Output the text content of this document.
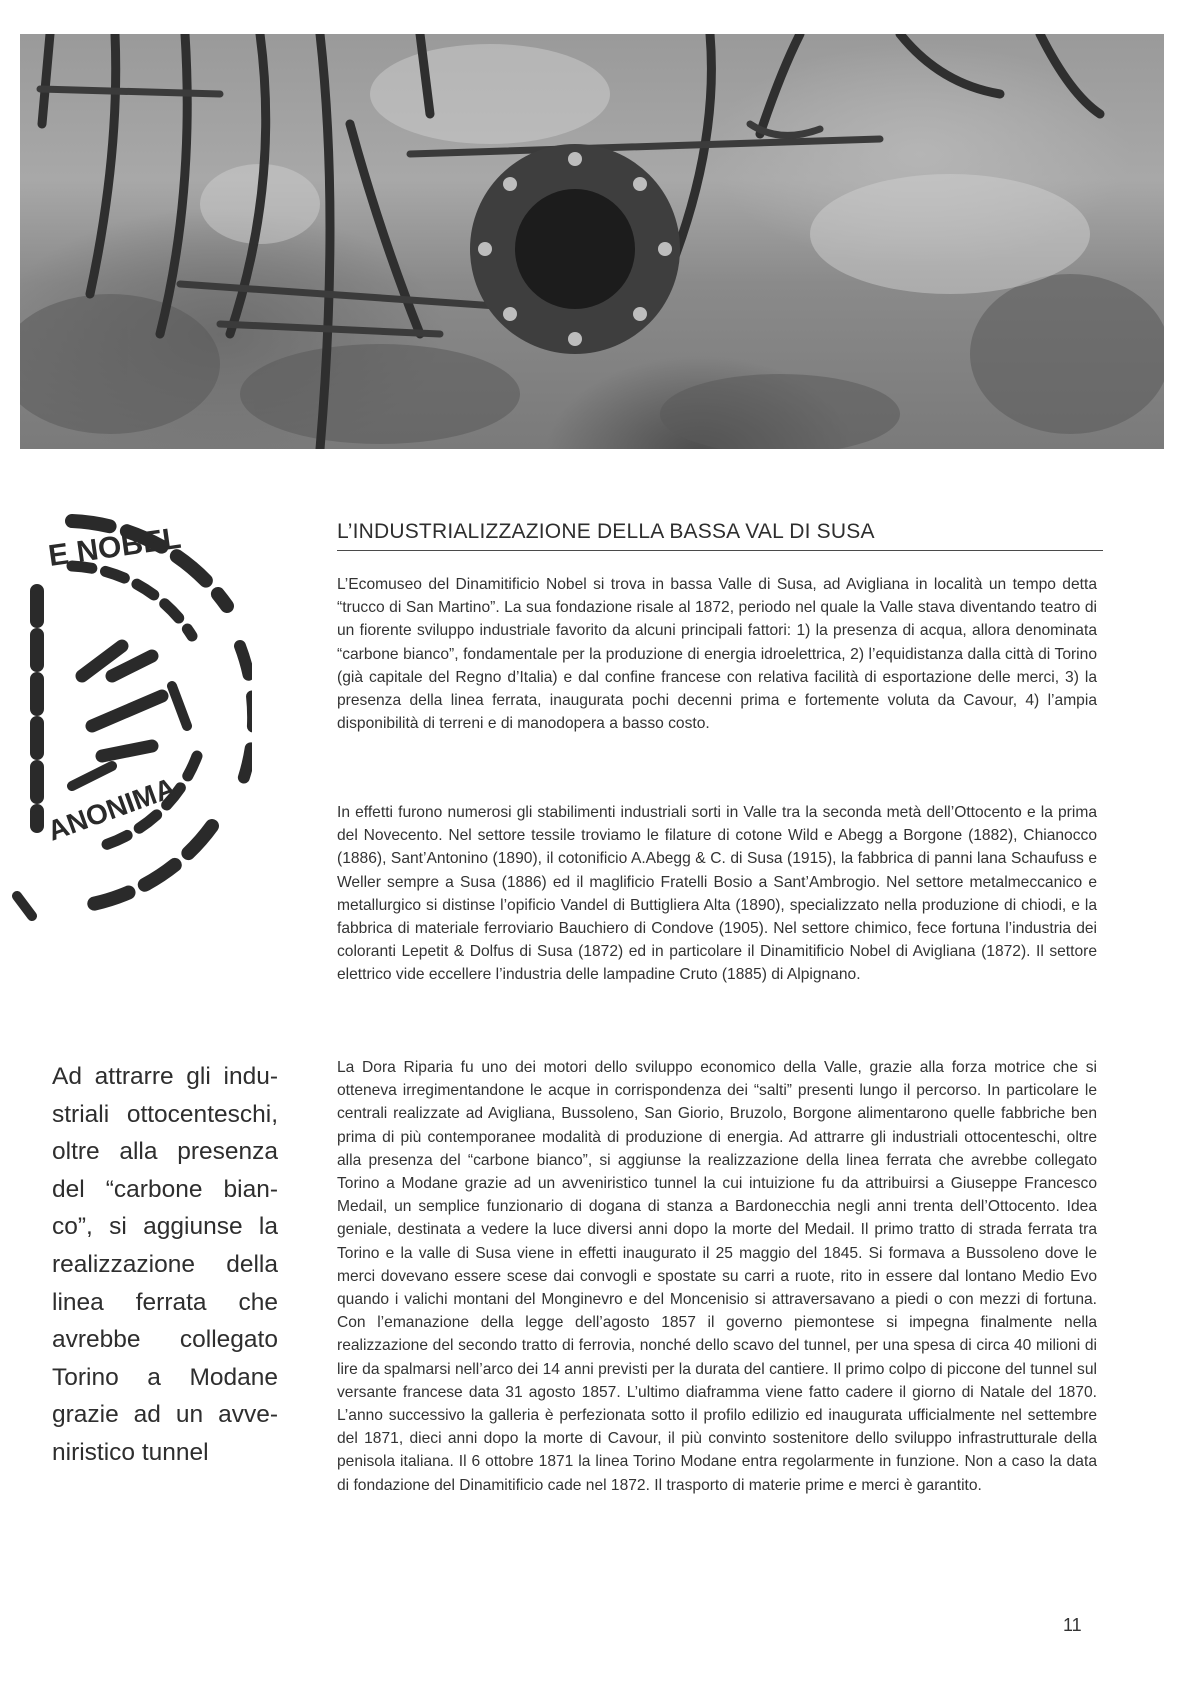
E NOBEL
ANONIMA
L’INDUSTRIALIZZAZIONE DELLA BASSA VAL DI SUSA

L’Ecomuseo del Dinamitificio Nobel si trova in bassa Valle di Susa, ad Avigliana in località un tempo detta “trucco di San Martino”. La sua fondazione risale al 1872, periodo nel quale la Valle stava diventando teatro di un fiorente sviluppo industriale favorito da alcuni principali fattori: 1) la presenza di acqua, allora denominata “carbone bianco”, fondamentale per la produzione di energia idroelettrica, 2) l’equidistanza dalla città di Torino (già capitale del Regno d’Italia) e dal confine francese con relativa facilità di esportazione delle merci, 3) la presenza della linea ferrata, inaugurata pochi decenni prima e fortemente voluta da Cavour, 4) l’ampia disponibilità di terreni e di manodopera a basso costo.

In effetti furono numerosi gli stabilimenti industriali sorti in Valle tra la seconda metà dell’Ottocento e la prima del Novecento. Nel settore tessile troviamo le filature di cotone Wild e Abegg a Borgone (1882), Chianocco (1886), Sant’Antonino (1890), il cotonificio A.Abegg & C. di Susa (1915), la fabbrica di panni lana Schaufuss e Weller sempre a Susa (1886) ed il maglificio Fratelli Bosio a Sant’Ambrogio. Nel settore metalmeccanico e metallurgico si distinse l’opificio Vandel di Buttigliera Alta (1890), specializzato nella produzione di chiodi, e la fabbrica di materiale ferroviario Bauchiero di Condove (1905). Nel settore chimico, fece fortuna l’industria dei coloranti Lepetit & Dolfus di Susa (1872) ed in particolare il Dinamitificio Nobel di Avigliana (1872). Il settore elettrico vide eccellere l’industria delle lampadine Cruto (1885) di Alpignano.

La Dora Riparia fu uno dei motori dello sviluppo economico della Valle, grazie alla forza motrice che si otteneva irregimentandone le acque in corrispondenza dei “salti” presenti lungo il percorso. In particolare le centrali realizzate ad Avigliana, Bussoleno, San Giorio, Bruzolo, Borgone alimentarono quelle fabbriche ben prima di più contemporanee modalità di produzione di energia. Ad attrarre gli industriali ottocenteschi, oltre alla presenza del “carbone bianco”, si aggiunse la realizzazione della linea ferrata che avrebbe collegato Torino a Modane grazie ad un avveniristico tunnel la cui intuizione fu da attribuirsi a Giuseppe Francesco Medail, un semplice funzionario di dogana di stanza a Bardonecchia negli anni trenta dell’Ottocento. Idea geniale, destinata a vedere la luce diversi anni dopo la morte del Medail. Il primo tratto di strada ferrata tra Torino e la valle di Susa viene in effetti inaugurato il 25 maggio del 1845. Si formava a Bussoleno dove le merci dovevano essere scese dai convogli e spostate su carri a ruote, rito in essere dal lontano Medio Evo quando i valichi montani del Monginevro e del Moncenisio si attraversavano a piedi o con mezzi di fortuna. Con l’emanazione della legge dell’agosto 1857 il governo piemontese si impegna finalmente nella realizzazione del secondo tratto di ferrovia, nonché dello scavo del tunnel, per una spesa di circa 40 milioni di lire da spalmarsi nell’arco dei 14 anni previsti per la durata del cantiere. Il primo colpo di piccone del tunnel sul versante francese data 31 agosto 1857. L’ultimo diaframma viene fatto cadere il giorno di Natale del 1870. L’anno successivo la galleria è perfezionata sotto il profilo edilizio ed inaugurata ufficialmente nel settembre del 1871, dieci anni dopo la morte di Cavour, il più convinto sostenitore dello sviluppo infrastrutturale della penisola italiana. Il 6 ottobre 1871 la linea Torino Modane entra regolarmente in funzione. Non a caso la data di fondazione del Dinamitificio cade nel 1872. Il trasporto di materie prime e merci è garantito.

Ad attrarre gli industriali ottocenteschi, oltre alla presenza del “carbone bianco”, si aggiunse la realizzazione della linea ferrata che avrebbe collegato Torino a Modane grazie ad un avveniristico tunnel

11
